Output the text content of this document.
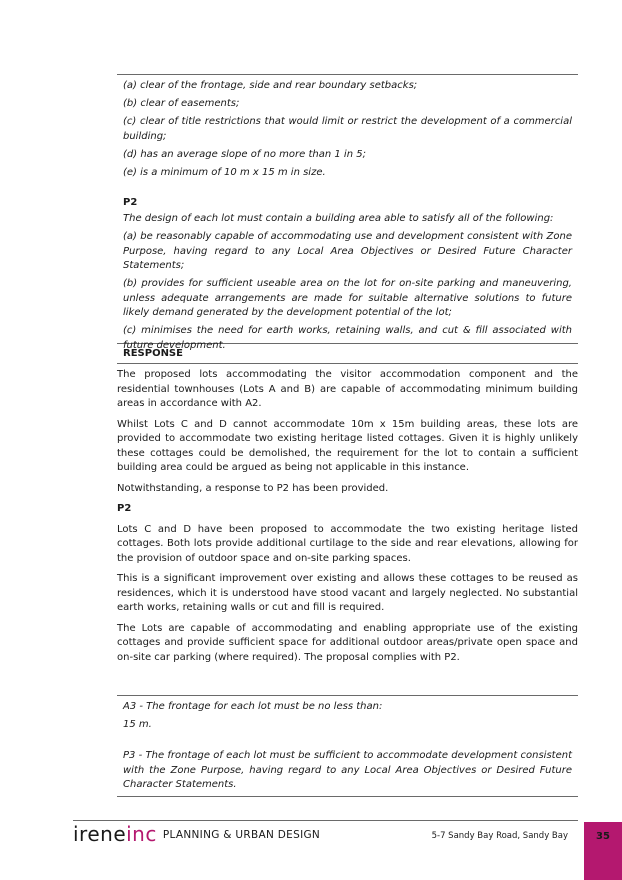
(a) clear of the frontage, side and rear boundary setbacks;

(b) clear of easements;

(c) clear of title restrictions that would limit or restrict the development of a commercial building;

(d) has an average slope of no more than 1 in 5;

(e) is a minimum of 10 m x 15 m in size.

P2

The design of each lot must contain a building area able to satisfy all of the following:

(a) be reasonably capable of accommodating use and development consistent with Zone Purpose, having regard to any Local Area Objectives or Desired Future Character Statements;

(b) provides for sufficient useable area on the lot for on-site parking and maneuvering, unless adequate arrangements are made for suitable alternative solutions to future likely demand generated by the development potential of the lot;

(c) minimises the need for earth works, retaining walls, and cut & fill associated with future development.

RESPONSE

The proposed lots accommodating the visitor accommodation component and the residential townhouses (Lots A and B) are capable of accommodating minimum building areas in accordance with A2.

Whilst Lots C and D cannot accommodate 10m x 15m building areas, these lots are provided to accommodate two existing heritage listed cottages. Given it is highly unlikely these cottages could be demolished, the requirement for the lot to contain a sufficient building area could be argued as being not applicable in this instance.

Notwithstanding, a response to P2 has been provided.

P2

Lots C and D have been proposed to accommodate the two existing heritage listed cottages. Both lots provide additional curtilage to the side and rear elevations, allowing for the provision of outdoor space and on-site parking spaces.

This is a significant improvement over existing and allows these cottages to be reused as residences, which it is understood have stood vacant and largely neglected. No substantial earth works, retaining walls or cut and fill is required.

The Lots are capable of accommodating and enabling appropriate use of the existing cottages and provide sufficient space for additional outdoor areas/private open space and on-site car parking (where required). The proposal complies with P2.

A3 - The frontage for each lot must be no less than:

15 m.

P3 - The frontage of each lot must be sufficient to accommodate development consistent with the Zone Purpose, having regard to any Local Area Objectives or Desired Future Character Statements.

ireneinc PLANNING & URBAN DESIGN	5-7 Sandy Bay Road, Sandy Bay	35
